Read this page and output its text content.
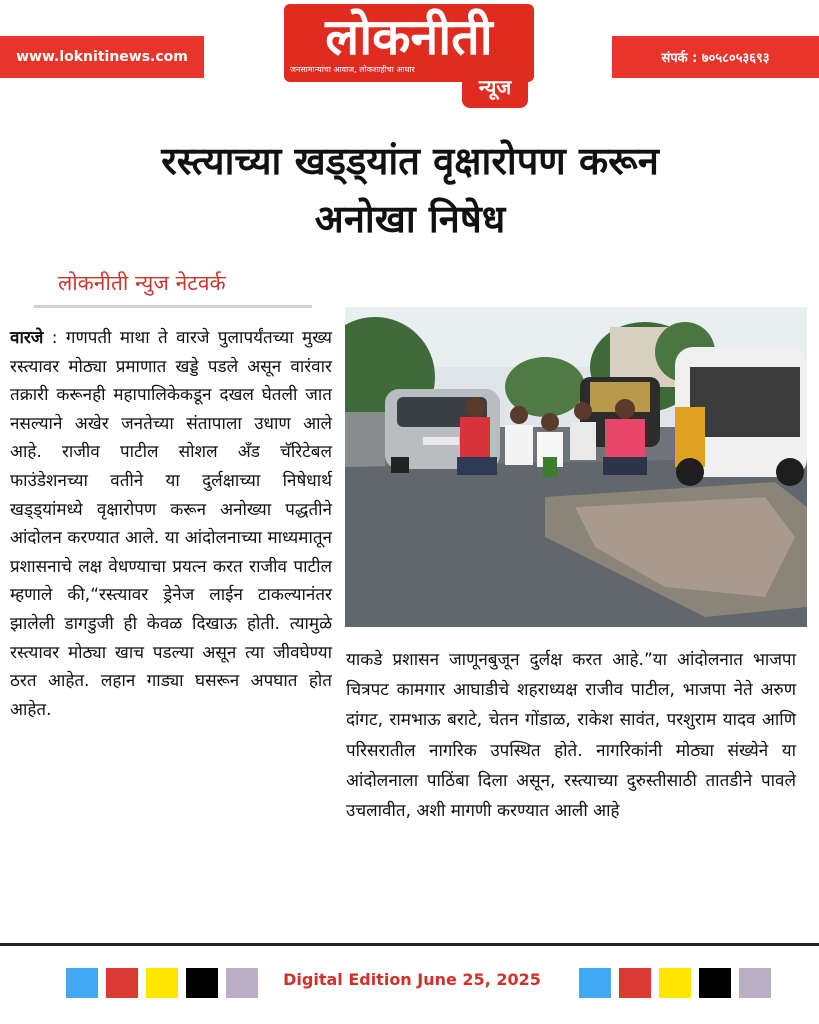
www.loknitinews.com	लोकनीती
जनसामान्यांचा आवाज, लोकशाहीचा आधार
न्यूज
संपर्क : ७०५८०५३६९३
रस्त्याच्या खड्ड्यांत वृक्षारोपण करून
अनोखा निषेध
लोकनीती न्युज नेटवर्क
वारजे : गणपती माथा ते वारजे पुलापर्यंतच्या मुख्य रस्त्यावर मोठ्या प्रमाणात खड्डे पडले असून वारंवार तक्रारी करूनही महापालिकेकडून दखल घेतली जात नसल्याने अखेर जनतेच्या संतापाला उधाण आले आहे. राजीव पाटील सोशल अँड चॅरिटेबल फाउंडेशनच्या वतीने या दुर्लक्षाच्या निषेधार्थ खड्ड्यांमध्ये वृक्षारोपण करून अनोख्या पद्धतीने आंदोलन करण्यात आले. या आंदोलनाच्या माध्यमातून प्रशासनाचे लक्ष वेधण्याचा प्रयत्न करत राजीव पाटील म्हणाले की,“रस्त्यावर ड्रेनेज लाईन टाकल्यानंतर झालेली डागडुजी ही केवळ दिखाऊ होती. त्यामुळे रस्त्यावर मोठ्या खाच पडल्या असून त्या जीवघेण्या ठरत आहेत. लहान गाड्या घसरून अपघात होत आहेत.
याकडे प्रशासन जाणूनबुजून दुर्लक्ष करत आहे.”या आंदोलनात भाजपा चित्रपट कामगार आघाडीचे शहराध्यक्ष राजीव पाटील, भाजपा नेते अरुण दांगट, रामभाऊ बराटे, चेतन गोंडाळ, राकेश सावंत, परशुराम यादव आणि परिसरातील नागरिक उपस्थित होते. नागरिकांनी मोठ्या संख्येने या आंदोलनाला पाठिंबा दिला असून, रस्त्याच्या दुरुस्तीसाठी तातडीने पावले उचलावीत, अशी मागणी करण्यात आली आहे
Digital Edition June 25, 2025
